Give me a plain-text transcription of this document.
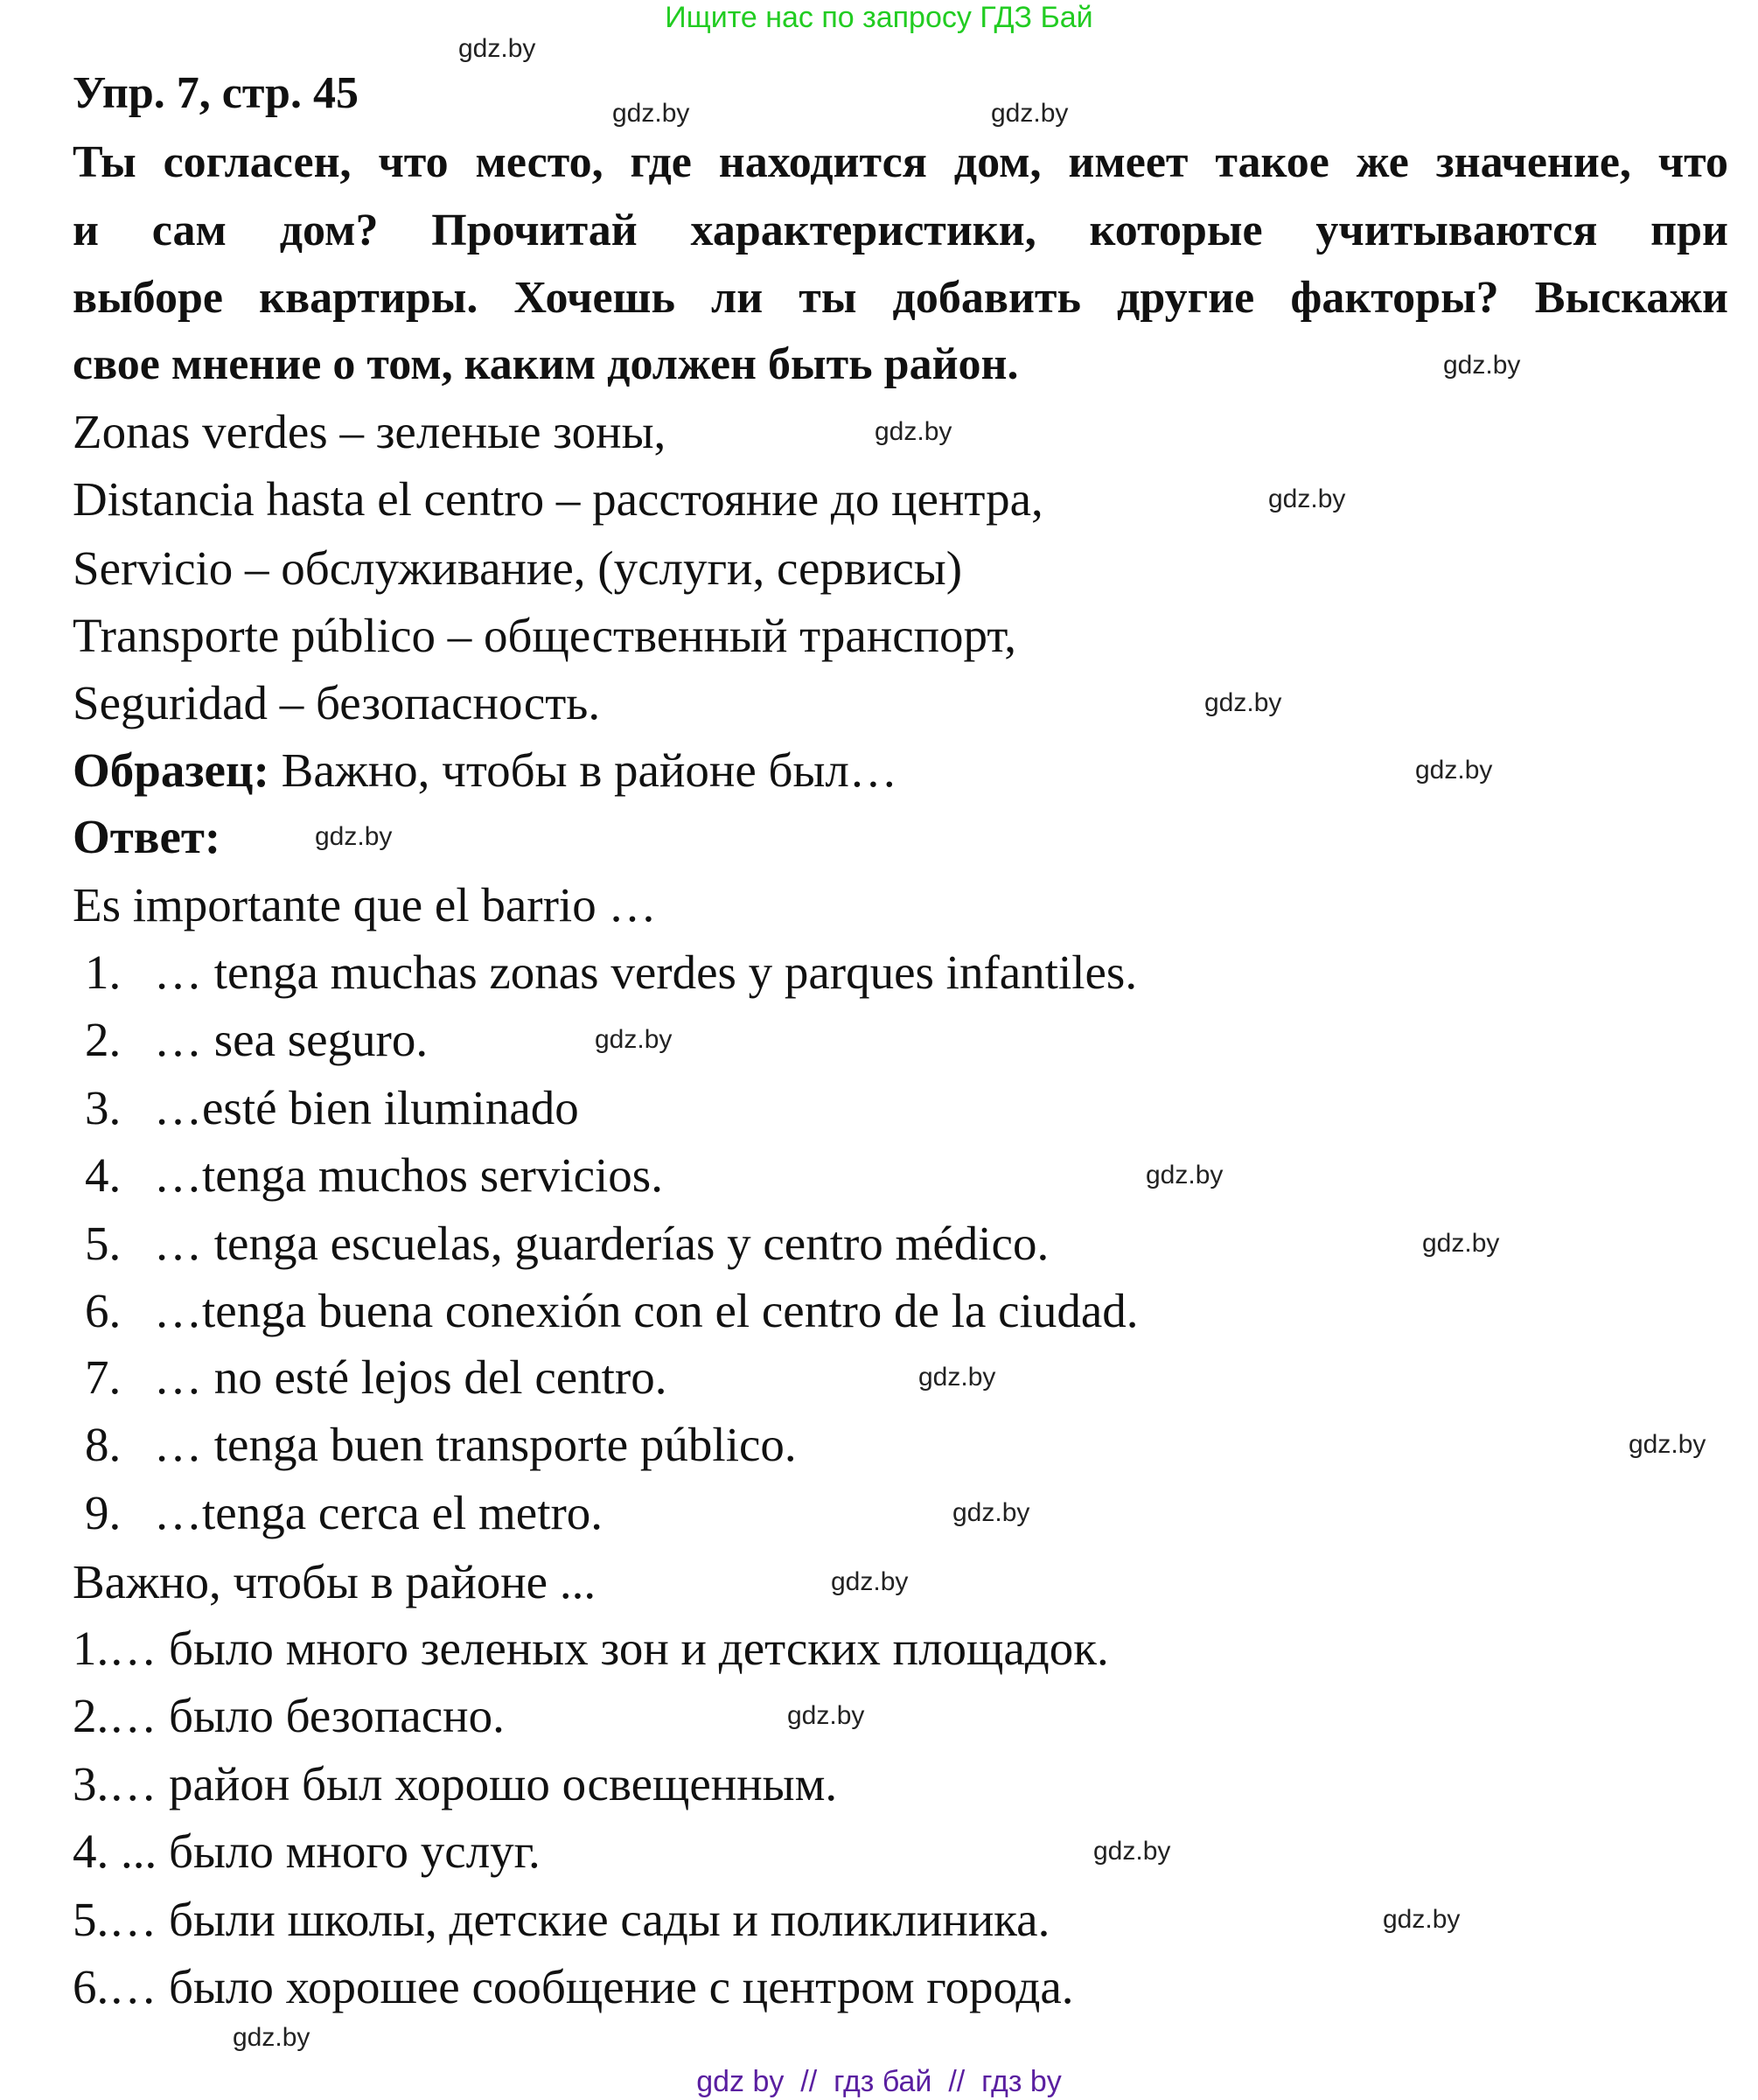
Ищите нас по запросу ГДЗ Бай
Упр. 7, стр. 45
Ты согласен, что место, где находится дом, имеет такое же значение, что
и сам дом? Прочитай характеристики, которые учитываются при
выборе квартиры. Хочешь ли ты добавить другие факторы? Выскажи
свое мнение о том, каким должен быть район.
Zonas verdes – зеленые зоны,
Distancia hasta el centro – расстояние до центра,
Servicio – обслуживание, (услуги, сервисы)
Transporte público – общественный транспорт,
Seguridad – безопасность.
Образец: Важно, чтобы в районе был…
Ответ:
Es importante que el barrio …
1. … tenga muchas zonas verdes y parques infantiles.
2. … sea seguro.
3. …esté bien iluminado
4. …tenga muchos servicios.
5. … tenga escuelas, guarderías y centro médico.
6. …tenga buena conexión con el centro de la ciudad.
7. … no esté lejos del centro.
8. … tenga buen transporte público.
9. …tenga cerca el metro.
Важно, чтобы в районе ...
1.… было много зеленых зон и детских площадок.
2.… было безопасно.
3.… район был хорошо освещенным.
4. ... было много услуг.
5.… были школы, детские сады и поликлиника.
6.… было хорошее сообщение с центром города.
gdz.by
gdz.by
gdz.by
gdz.by
gdz.by
gdz.by
gdz.by
gdz.by
gdz.by
gdz.by
gdz.by
gdz.by
gdz.by
gdz.by
gdz.by
gdz.by
gdz.by
gdz.by
gdz.by
gdz.by
gdz by  //  гдз бай  //  гдз by
